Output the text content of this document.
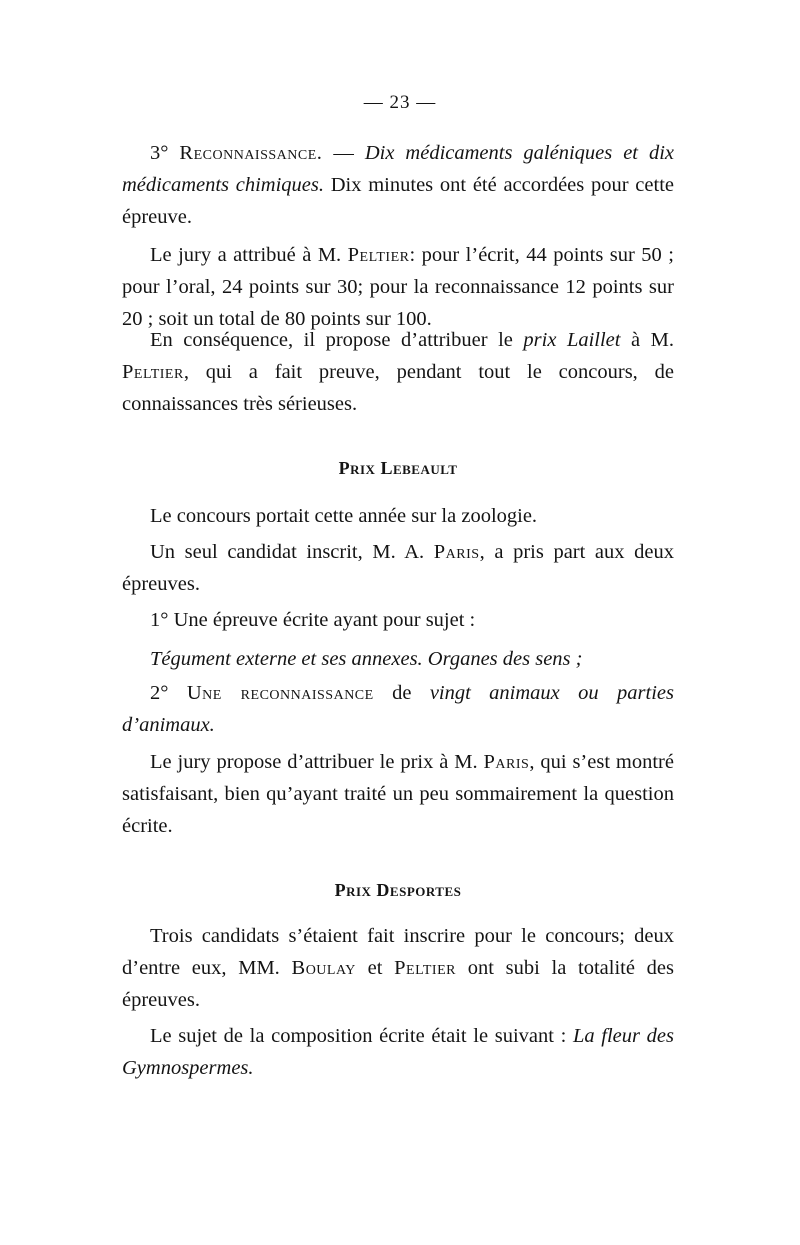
— 23 —

3° Reconnaissance. — Dix médicaments galéniques et dix médicaments chimiques. Dix minutes ont été accordées pour cette épreuve.

Le jury a attribué à M. Peltier: pour l’écrit, 44 points sur 50 ; pour l’oral, 24 points sur 30; pour la reconnaissance 12 points sur 20 ; soit un total de 80 points sur 100.

En conséquence, il propose d’attribuer le prix Laillet à M. Peltier, qui a fait preuve, pendant tout le concours, de connaissances très sérieuses.

Prix Lebeault

Le concours portait cette année sur la zoologie.

Un seul candidat inscrit, M. A. Paris, a pris part aux deux épreuves.

1° Une épreuve écrite ayant pour sujet :

Tégument externe et ses annexes. Organes des sens ;

2° Une reconnaissance de vingt animaux ou parties d’animaux.

Le jury propose d’attribuer le prix à M. Paris, qui s’est montré satisfaisant, bien qu’ayant traité un peu sommairement la question écrite.

Prix Desportes

Trois candidats s’étaient fait inscrire pour le concours; deux d’entre eux, MM. Boulay et Peltier ont subi la totalité des épreuves.

Le sujet de la composition écrite était le suivant : La fleur des Gymnospermes.
